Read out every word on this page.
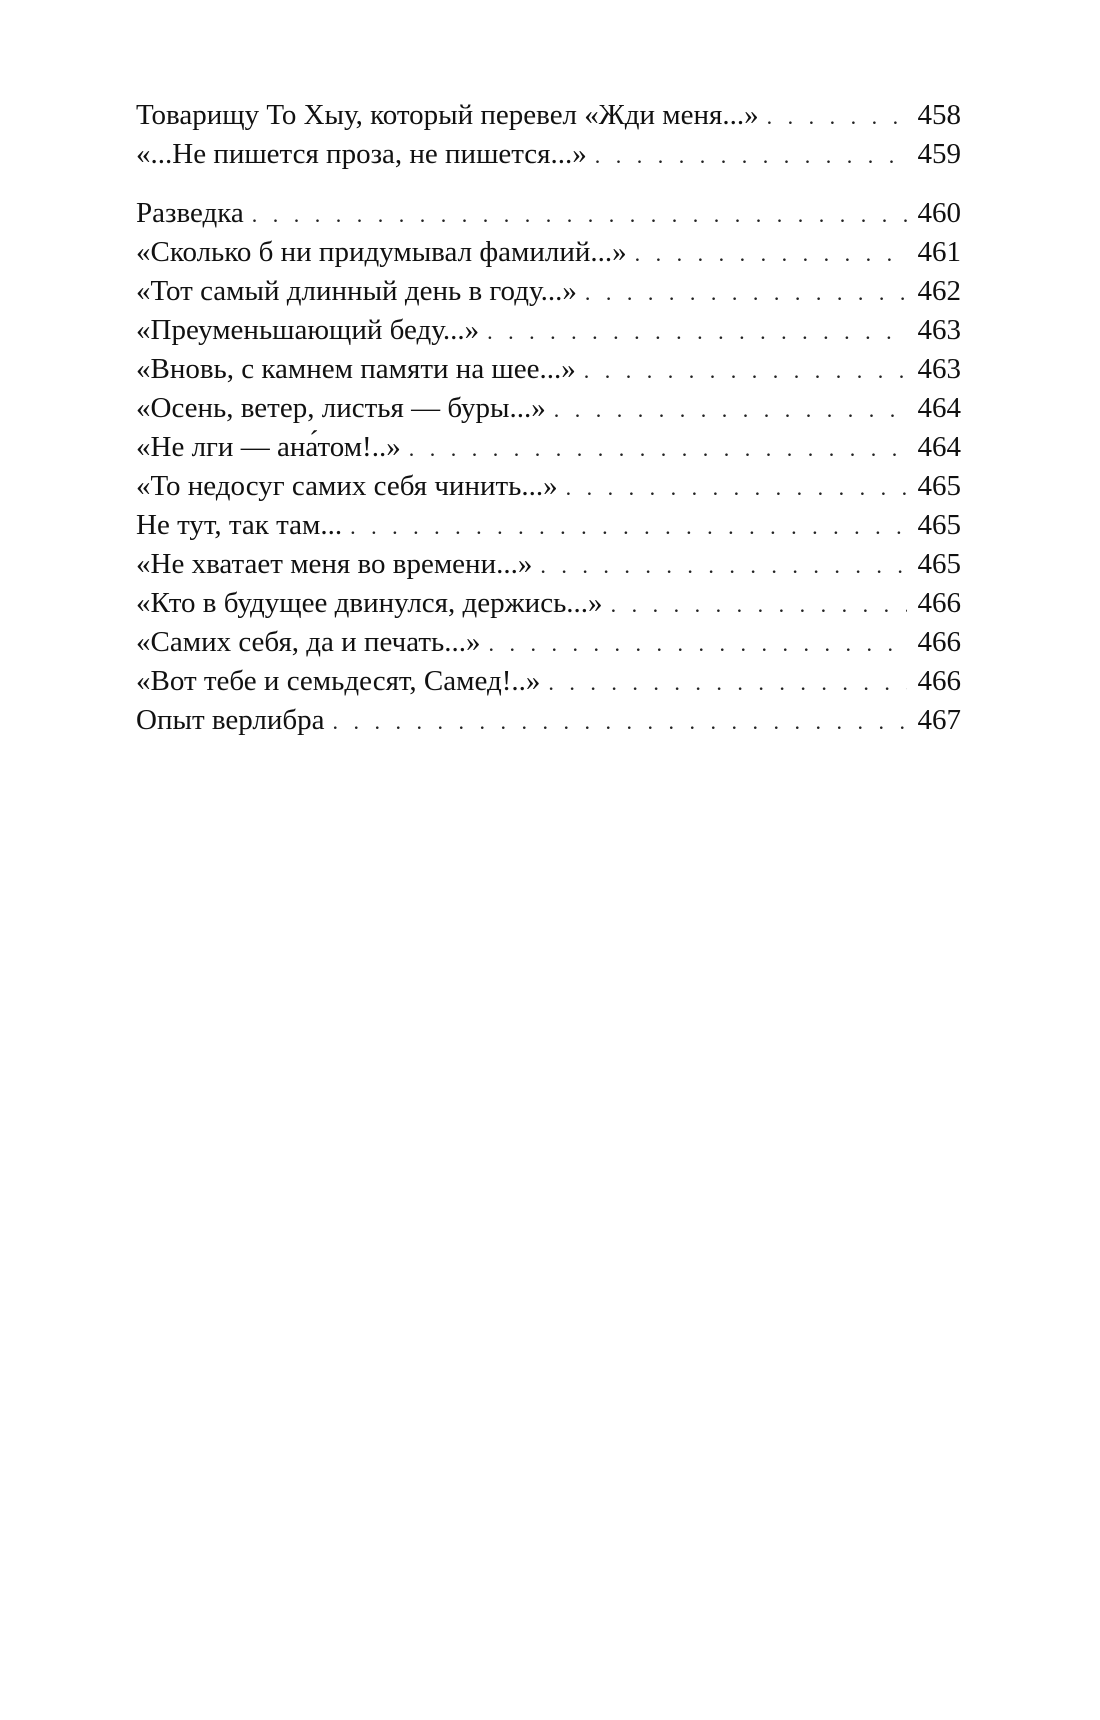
Товарищу То Хыу, который перевел «Жди меня...» . . .	458
«...Не пишется проза, не пишется...» . . .	459
Разведка . . .	460
«Сколько б ни придумывал фамилий...» . . .	461
«Тот самый длинный день в году...» . . .	462
«Преуменьшающий беду...» . . .	463
«Вновь, с камнем памяти на шее...» . . .	463
«Осень, ветер, листья — буры...» . . .	464
«Не лги — ана́том!..» . . .	464
«То недосуг самих себя чинить...» . . .	465
Не тут, так там... . . .	465
«Не хватает меня во времени...» . . .	465
«Кто в будущее двинулся, держись...» . . .	466
«Самих себя, да и печать...» . . .	466
«Вот тебе и семьдесят, Самед!..» . . .	466
Опыт верлибра . . .	467
